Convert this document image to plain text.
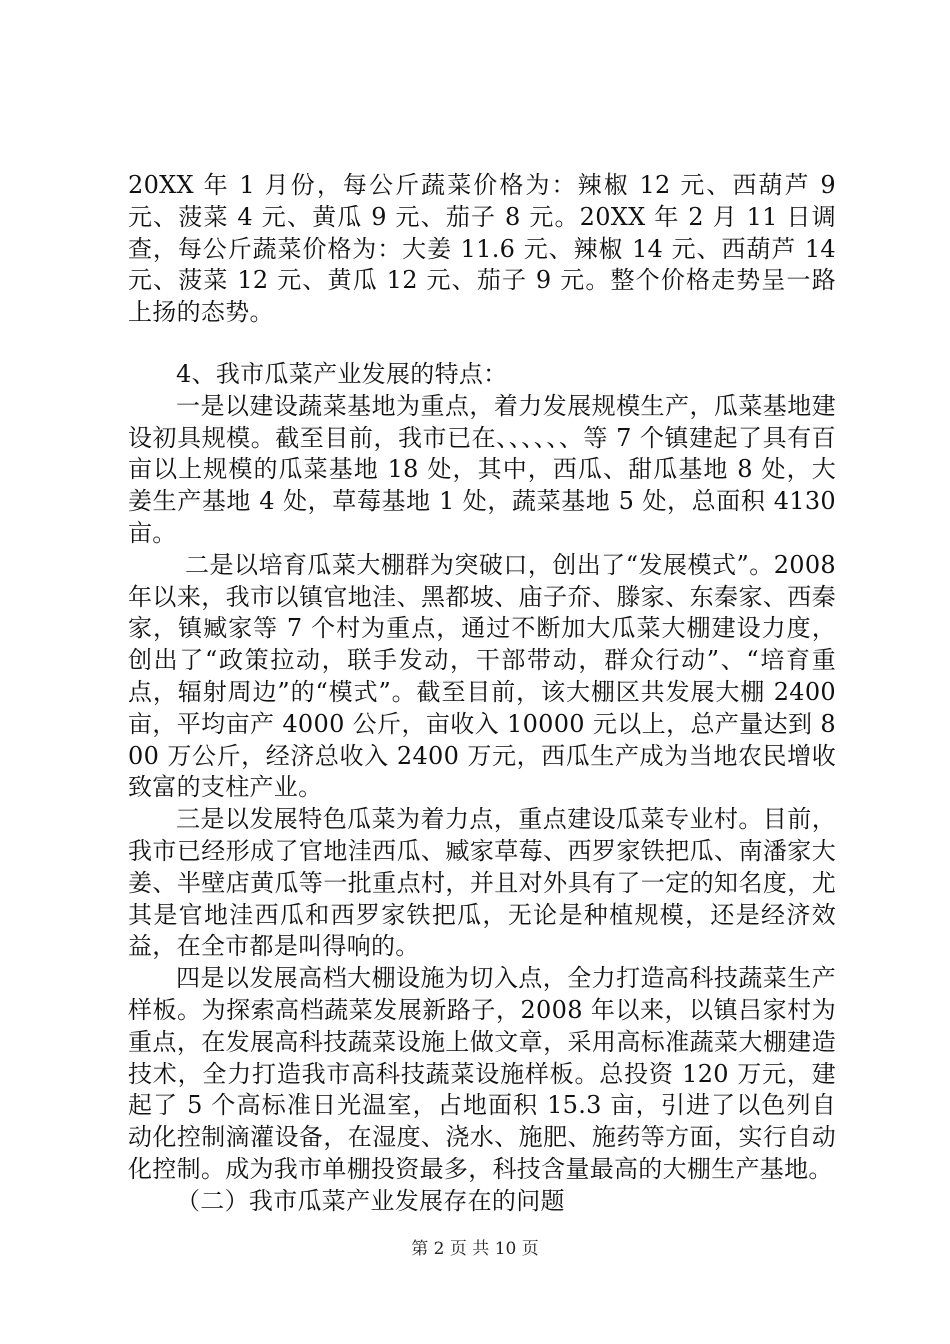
20XX 年 1 月份，每公斤蔬菜价格为：辣椒 12 元、西葫芦 9 元、菠菜 4 元、黄瓜 9 元、茄子 8 元。20XX 年 2 月 11 日调查，每公斤蔬菜价格为：大姜 11.6 元、辣椒 14 元、西葫芦 14 元、菠菜 12 元、黄瓜 12 元、茄子 9 元。整个价格走势呈一路上扬的态势。

4、我市瓜菜产业发展的特点：

一是以建设蔬菜基地为重点，着力发展规模生产，瓜菜基地建设初具规模。截至目前，我市已在、、、、、、等 7 个镇建起了具有百亩以上规模的瓜菜基地 18 处，其中，西瓜、甜瓜基地 8 处，大姜生产基地 4 处，草莓基地 1 处，蔬菜基地 5 处，总面积 4130 亩。

二是以培育瓜菜大棚群为突破口，创出了“发展模式”。2008 年以来，我市以镇官地洼、黑都坡、庙子夼、滕家、东秦家、西秦家，镇臧家等 7 个村为重点，通过不断加大瓜菜大棚建设力度，创出了“政策拉动，联手发动，干部带动，群众行动”、“培育重点，辐射周边”的“模式”。截至目前，该大棚区共发展大棚 2400 亩，平均亩产 4000 公斤，亩收入 10000 元以上，总产量达到 800 万公斤，经济总收入 2400 万元，西瓜生产成为当地农民增收致富的支柱产业。

三是以发展特色瓜菜为着力点，重点建设瓜菜专业村。目前，我市已经形成了官地洼西瓜、臧家草莓、西罗家铁把瓜、南潘家大姜、半壁店黄瓜等一批重点村，并且对外具有了一定的知名度，尤其是官地洼西瓜和西罗家铁把瓜，无论是种植规模，还是经济效益，在全市都是叫得响的。

四是以发展高档大棚设施为切入点，全力打造高科技蔬菜生产样板。为探索高档蔬菜发展新路子，2008 年以来，以镇吕家村为重点，在发展高科技蔬菜设施上做文章，采用高标准蔬菜大棚建造技术，全力打造我市高科技蔬菜设施样板。总投资 120 万元，建起了 5 个高标准日光温室，占地面积 15.3 亩，引进了以色列自动化控制滴灌设备，在湿度、浇水、施肥、施药等方面，实行自动化控制。成为我市单棚投资最多，科技含量最高的大棚生产基地。

（二）我市瓜菜产业发展存在的问题

第 2 页 共 10 页
